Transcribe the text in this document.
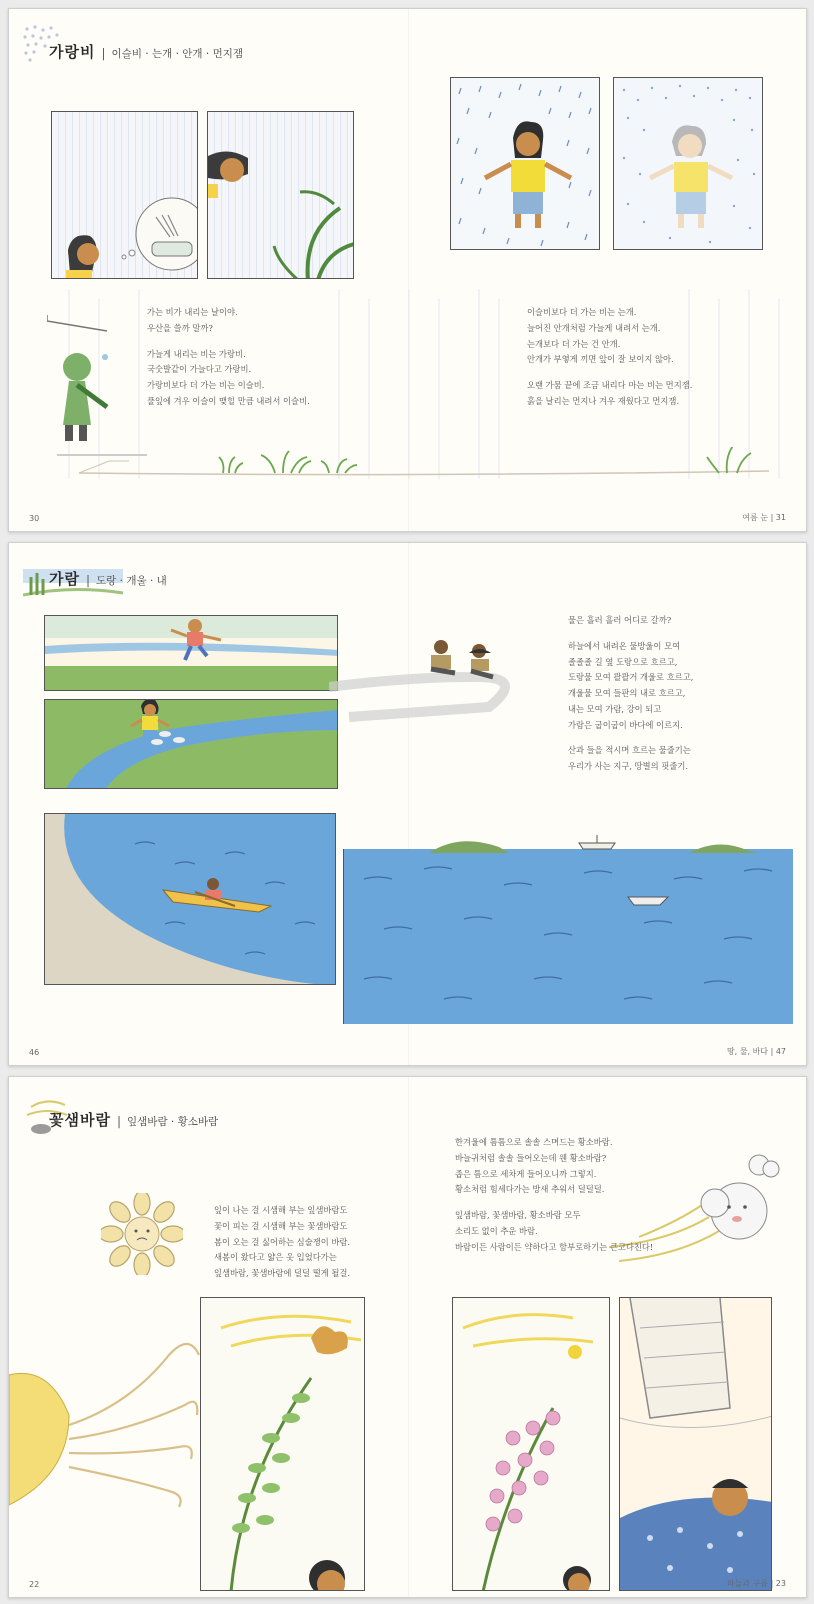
가랑비 | 이슬비 · 는개 · 안개 · 먼지잼

가는 비가 내리는 날이야.

우산을 쓸까 말까?

가늘게 내리는 비는 가랑비.

국숫발같이 가늘다고 가랑비.

가랑비보다 더 가는 비는 이슬비.

풀잎에 겨우 이슬이 맺힐 만큼 내려서 이슬비.

이슬비보다 더 가는 비는 는개.

늘어진 안개처럼 가늘게 내려서 는개.

는개보다 더 가는 건 안개.

안개가 부옇게 끼면 앞이 잘 보이지 않아.

오랜 가뭄 끝에 조금 내리다 마는 비는 먼지잼.

흙을 날리는 먼지나 겨우 재웠다고 먼지잼.

30	여름 눈 | 31
가람 | 도랑 · 개울 · 내

물은 흘러 흘러 어디로 갈까?

하늘에서 내려온 물방울이 모여

졸졸졸 길 옆 도랑으로 흐르고,

도랑물 모여 콸콸거 개울로 흐르고,

개울물 모여 들판의 내로 흐르고,

내는 모여 가람, 강이 되고

가람은 굽이굽이 바다에 이르지.

산과 들을 적시며 흐르는 물줄기는

우리가 사는 지구, 땅별의 핏줄기.

46	땅, 물, 바다 | 47
꽃샘바람 | 잎샘바람 · 황소바람

잎이 나는 걸 시샘해 부는 잎샘바람도

꽃이 피는 걸 시샘해 부는 꽃샘바람도

봄이 오는 걸 싫어하는 심술쟁이 바람.

새봄이 왔다고 얇은 옷 입었다가는

잎샘바람, 꽃샘바람에 덜덜 떨게 될걸.

한겨울에 틈틈으로 솔솔 스며드는 황소바람.

바늘귀처럼 솔솔 들어오는데 웬 황소바람?

좁은 틈으로 세차게 들어오니까 그렇지.

황소처럼 힘세다가는 방새 추워서 덜덜덜.

잎샘바람, 꽃샘바람, 황소바람 모두

소리도 없이 추운 바람.

바람이든 사람이든 약하다고 함부로하기는 큰코다친다!

22	하늘과 구름 | 23
